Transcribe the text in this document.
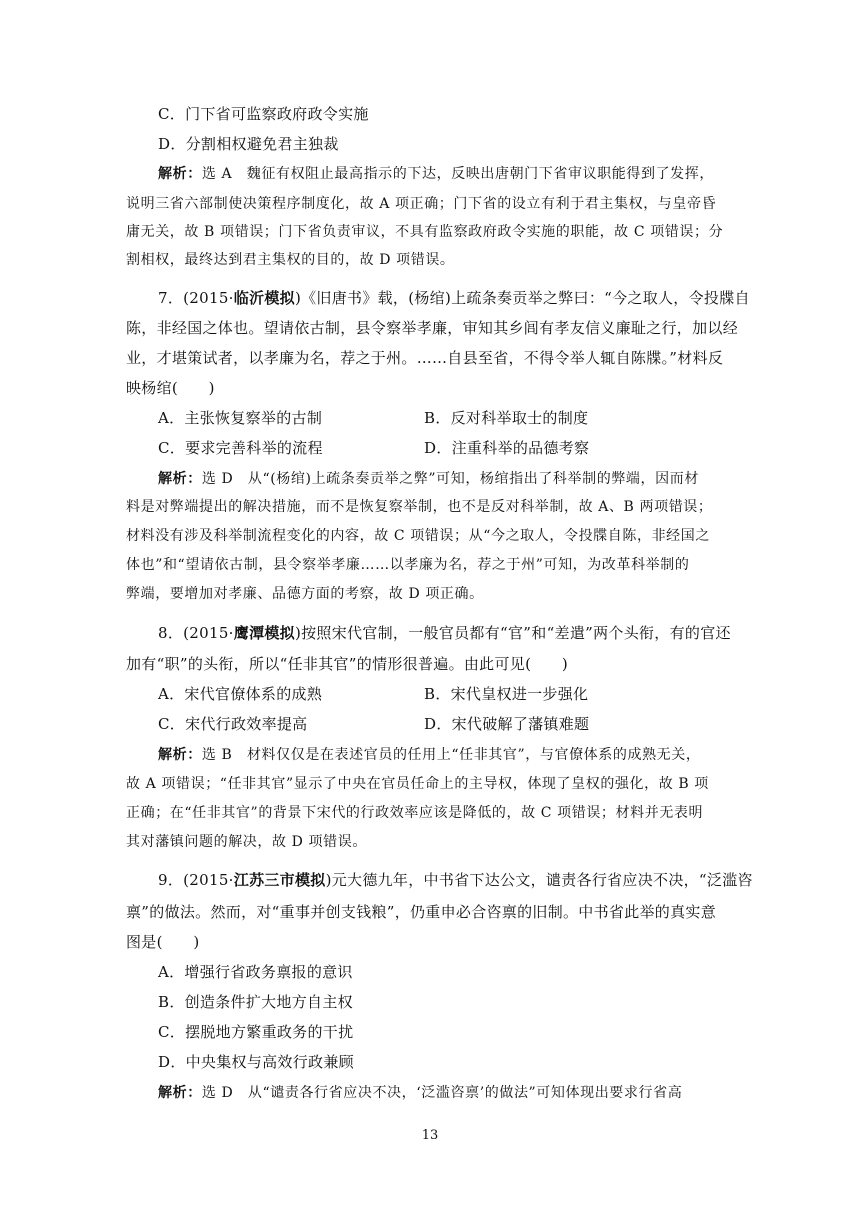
C．门下省可监察政府政令实施
D．分割相权避免君主独裁
解析：选 A　魏征有权阻止最高指示的下达，反映出唐朝门下省审议职能得到了发挥，
说明三省六部制使决策程序制度化，故 A 项正确；门下省的设立有利于君主集权，与皇帝昏
庸无关，故 B 项错误；门下省负责审议，不具有监察政府政令实施的职能，故 C 项错误；分
割相权，最终达到君主集权的目的，故 D 项错误。
7．(2015·临沂模拟)《旧唐书》载，(杨绾)上疏条奏贡举之弊曰：“今之取人，令投牒自
陈，非经国之体也。望请依古制，县令察举孝廉，审知其乡闾有孝友信义廉耻之行，加以经
业，才堪策试者，以孝廉为名，荐之于州。……自县至省，不得令举人辄自陈牒。”材料反
映杨绾(　　)
A．主张恢复察举的古制	B．反对科举取士的制度
C．要求完善科举的流程	D．注重科举的品德考察
解析：选 D　从“(杨绾)上疏条奏贡举之弊”可知，杨绾指出了科举制的弊端，因而材
料是对弊端提出的解决措施，而不是恢复察举制，也不是反对科举制，故 A、B 两项错误；
材料没有涉及科举制流程变化的内容，故 C 项错误；从“今之取人，令投牒自陈，非经国之
体也”和“望请依古制，县令察举孝廉……以孝廉为名，荐之于州”可知，为改革科举制的
弊端，要增加对孝廉、品德方面的考察，故 D 项正确。
8．(2015·鹰潭模拟)按照宋代官制，一般官员都有“官”和“差遣”两个头衔，有的官还
加有“职”的头衔，所以“任非其官”的情形很普遍。由此可见(　　)
A．宋代官僚体系的成熟	B．宋代皇权进一步强化
C．宋代行政效率提高	D．宋代破解了藩镇难题
解析：选 B　材料仅仅是在表述官员的任用上“任非其官”，与官僚体系的成熟无关，
故 A 项错误；“任非其官”显示了中央在官员任命上的主导权，体现了皇权的强化，故 B 项
正确；在“任非其官”的背景下宋代的行政效率应该是降低的，故 C 项错误；材料并无表明
其对藩镇问题的解决，故 D 项错误。
9．(2015·江苏三市模拟)元大德九年，中书省下达公文，谴责各行省应决不决，“泛滥咨
禀”的做法。然而，对“重事并创支钱粮”，仍重申必合咨禀的旧制。中书省此举的真实意
图是(　　)
A．增强行省政务禀报的意识
B．创造条件扩大地方自主权
C．摆脱地方繁重政务的干扰
D．中央集权与高效行政兼顾
解析：选 D　从“谴责各行省应决不决，‘泛滥咨禀’的做法”可知体现出要求行省高
13
